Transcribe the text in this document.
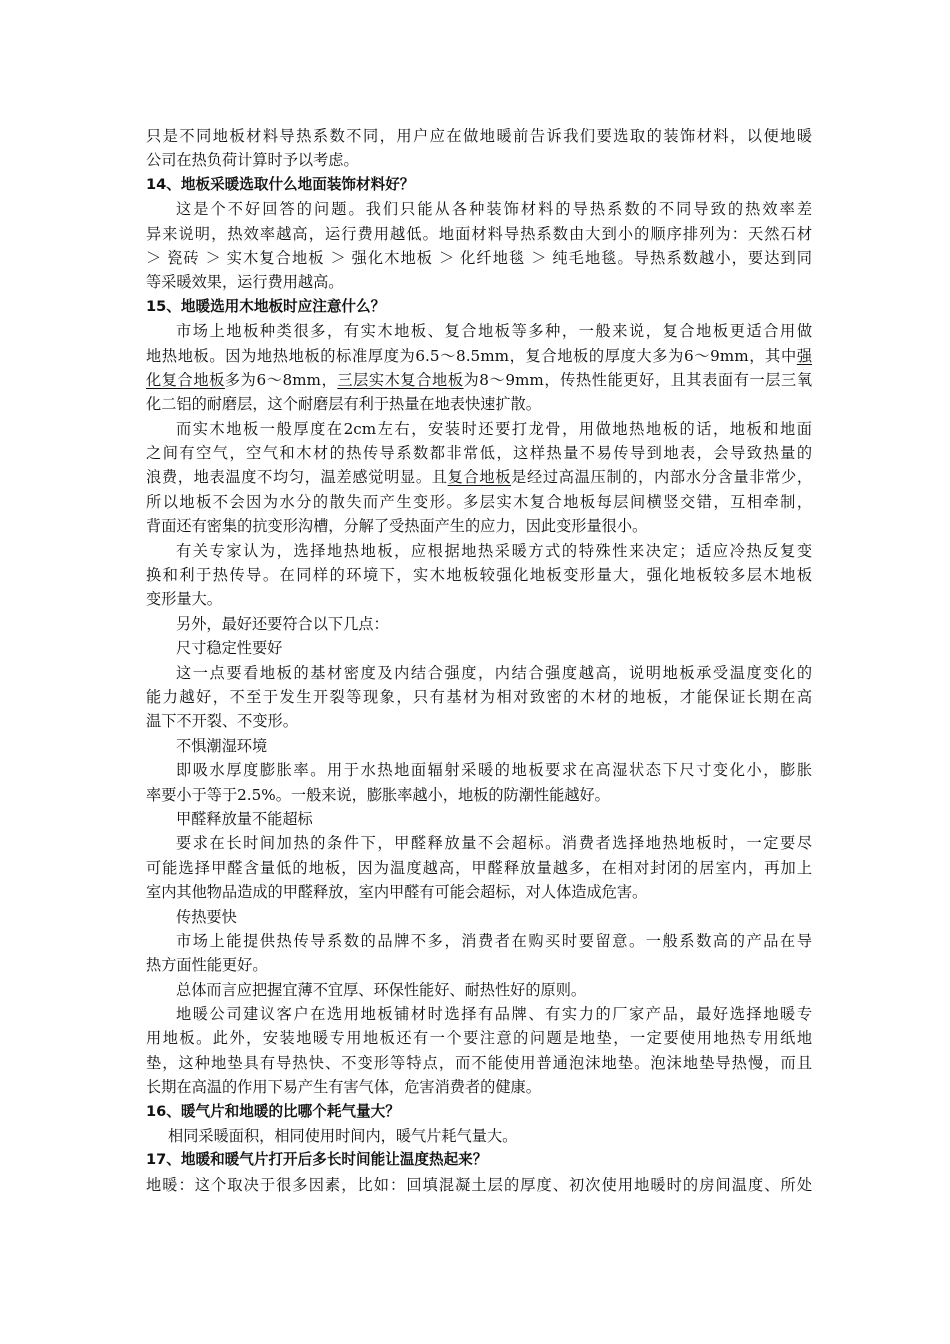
只是不同地板材料导热系数不同，用户应在做地暖前告诉我们要选取的装饰材料，以便地暖
公司在热负荷计算时予以考虑。
14、地板采暖选取什么地面装饰材料好？
这是个不好回答的问题。我们只能从各种装饰材料的导热系数的不同导致的热效率差
异来说明，热效率越高，运行费用越低。地面材料导热系数由大到小的顺序排列为：天然石材
＞ 瓷砖 ＞ 实木复合地板 ＞ 强化木地板 ＞ 化纤地毯 ＞ 纯毛地毯。导热系数越小，要达到同
等采暖效果，运行费用越高。
15、地暖选用木地板时应注意什么？
市场上地板种类很多，有实木地板、复合地板等多种，一般来说，复合地板更适合用做
地热地板。因为地热地板的标准厚度为6.5～8.5mm，复合地板的厚度大多为6～9mm，其中强
化复合地板多为6～8mm，三层实木复合地板为8～9mm，传热性能更好，且其表面有一层三氧
化二铝的耐磨层，这个耐磨层有利于热量在地表快速扩散。
而实木地板一般厚度在2cm左右，安装时还要打龙骨，用做地热地板的话，地板和地面
之间有空气，空气和木材的热传导系数都非常低，这样热量不易传导到地表，会导致热量的
浪费，地表温度不均匀，温差感觉明显。且复合地板是经过高温压制的，内部水分含量非常少，
所以地板不会因为水分的散失而产生变形。多层实木复合地板每层间横竖交错，互相牵制，
背面还有密集的抗变形沟槽，分解了受热面产生的应力，因此变形量很小。
有关专家认为，选择地热地板，应根据地热采暖方式的特殊性来决定；适应冷热反复变
换和利于热传导。在同样的环境下，实木地板较强化地板变形量大，强化地板较多层木地板
变形量大。
另外，最好还要符合以下几点：
尺寸稳定性要好
这一点要看地板的基材密度及内结合强度，内结合强度越高，说明地板承受温度变化的
能力越好，不至于发生开裂等现象，只有基材为相对致密的木材的地板，才能保证长期在高
温下不开裂、不变形。
不惧潮湿环境
即吸水厚度膨胀率。用于水热地面辐射采暖的地板要求在高湿状态下尺寸变化小，膨胀
率要小于等于2.5%。一般来说，膨胀率越小，地板的防潮性能越好。
甲醛释放量不能超标
要求在长时间加热的条件下，甲醛释放量不会超标。消费者选择地热地板时，一定要尽
可能选择甲醛含量低的地板，因为温度越高，甲醛释放量越多，在相对封闭的居室内，再加上
室内其他物品造成的甲醛释放，室内甲醛有可能会超标，对人体造成危害。
传热要快
市场上能提供热传导系数的品牌不多，消费者在购买时要留意。一般系数高的产品在导
热方面性能更好。
总体而言应把握宜薄不宜厚、环保性能好、耐热性好的原则。
地暖公司建议客户在选用地板铺材时选择有品牌、有实力的厂家产品，最好选择地暖专
用地板。此外，安装地暖专用地板还有一个要注意的问题是地垫，一定要使用地热专用纸地
垫，这种地垫具有导热快、不变形等特点，而不能使用普通泡沫地垫。泡沫地垫导热慢，而且
长期在高温的作用下易产生有害气体，危害消费者的健康。
16、暖气片和地暖的比哪个耗气量大？
相同采暖面积，相同使用时间内，暖气片耗气量大。
17、地暖和暖气片打开后多长时间能让温度热起来？
地暖：这个取决于很多因素，比如：回填混凝土层的厚度、初次使用地暖时的房间温度、所处
